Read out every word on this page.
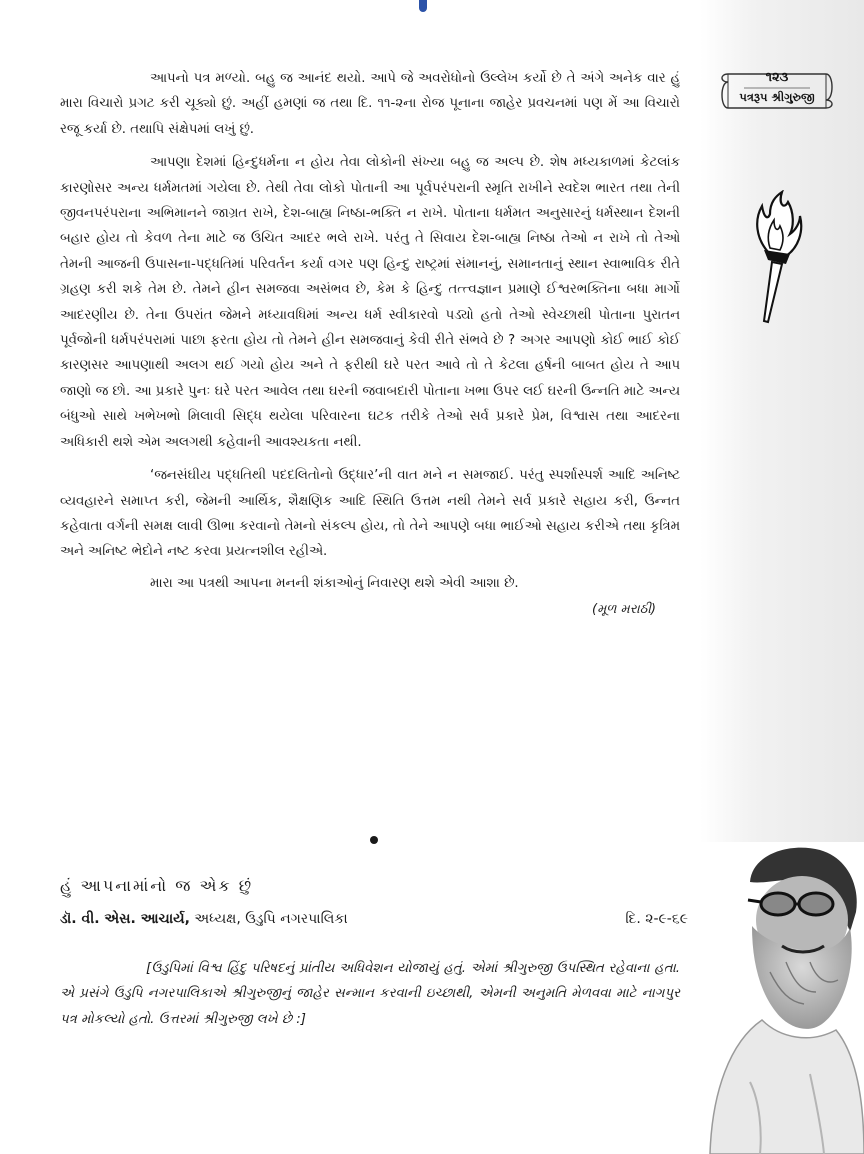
૧૨૩
પત્રરૂપ શ્રીગુરુજી

આપનો પત્ર મળ્યો. બહુ જ આનંદ થયો. આપે જે અવરોધોનો ઉલ્લેખ કર્યો છે તે અંગે અનેક વાર હું મારા વિચારો પ્રગટ કરી ચૂક્યો છું. અહીં હમણાં જ તથા દિ. ૧૧-૨ના રોજ પૂનાના જાહેર પ્રવચનમાં પણ મેં આ વિચારો રજૂ કર્યા છે. તથાપિ સંક્ષેપમાં લખું છું.

આપણા દેશમાં હિન્દુધર્મના ન હોય તેવા લોકોની સંખ્યા બહુ જ અલ્પ છે. શેષ મધ્યકાળમાં કેટલાંક કારણોસર અન્ય ધર્મમતમાં ગયેલા છે. તેથી તેવા લોકો પોતાની આ પૂર્વપરંપરાની સ્મૃતિ રાખીને સ્વદેશ ભારત તથા તેની જીવનપરંપરાના અભિમાનને જાગ્રત રાખે, દેશ-બાહ્ય નિષ્ઠા-ભક્તિ ન રાખે. પોતાના ધર્મમત અનુસારનું ધર્મસ્થાન દેશની બહાર હોય તો કેવળ તેના માટે જ ઉચિત આદર ભલે રાખે. પરંતુ તે સિવાય દેશ-બાહ્ય નિષ્ઠા તેઓ ન રાખે તો તેઓ તેમની આજની ઉપાસના-પદ્ધતિમાં પરિવર્તન કર્યા વગર પણ હિન્દુ રાષ્ટ્રમાં સંમાનનું, સમાનતાનું સ્થાન સ્વાભાવિક રીતે ગ્રહણ કરી શકે તેમ છે. તેમને હીન સમજવા અસંભવ છે, કેમ કે હિન્દુ તત્ત્વજ્ઞાન પ્રમાણે ઈશ્વરભક્તિના બધા માર્ગો આદરણીય છે. તેના ઉપરાંત જેમને મધ્યાવધિમાં અન્ય ધર્મ સ્વીકારવો પડ્યો હતો તેઓ સ્વેચ્છાથી પોતાના પુરાતન પૂર્વજોની ધર્મપરંપરામાં પાછા ફરતા હોય તો તેમને હીન સમજવાનું કેવી રીતે સંભવે છે ? અગર આપણો કોઈ ભાઈ કોઈ કારણસર આપણાથી અલગ થઈ ગયો હોય અને તે ફરીથી ઘરે પરત આવે તો તે કેટલા હર્ષની બાબત હોય તે આપ જાણો જ છો. આ પ્રકારે પુનઃ ઘરે પરત આવેલ તથા ઘરની જવાબદારી પોતાના ખભા ઉપર લઈ ઘરની ઉન્નતિ માટે અન્ય બંધુઓ સાથે ખભેખભો મિલાવી સિદ્ધ થયેલા પરિવારના ઘટક તરીકે તેઓ સર્વ પ્રકારે પ્રેમ, વિશ્વાસ તથા આદરના અધિકારી થશે એમ અલગથી કહેવાની આવશ્યકતા નથી.

‘જનસંઘીય પદ્ધતિથી પદદલિતોનો ઉદ્ધાર’ની વાત મને ન સમજાઈ. પરંતુ સ્પર્શાસ્પર્શ આદિ અનિષ્ટ વ્યવહારને સમાપ્ત કરી, જેમની આર્થિક, શૈક્ષણિક આદિ સ્થિતિ ઉત્તમ નથી તેમને સર્વ પ્રકારે સહાય કરી, ઉન્નત કહેવાતા વર્ગની સમક્ષ લાવી ઊભા કરવાનો તેમનો સંકલ્પ હોય, તો તેને આપણે બધા ભાઈઓ સહાય કરીએ તથા કૃત્રિમ અને અનિષ્ટ ભેદોને નષ્ટ કરવા પ્રયત્નશીલ રહીએ.

મારા આ પત્રથી આપના મનની શંકાઓનું નિવારણ થશે એવી આશા છે.

(મૂળ મરાઠી)
હું આપનામાંનો જ એક છું
ડૉ. વી. એસ. આચાર્ય, અધ્યક્ષ, ઉડુપિ નગરપાલિકા	દિ. ૨-૯-૬૯

[ઉડુપિમાં વિશ્વ હિંદુ પરિષદનું પ્રાંતીય અધિવેશન યોજાયું હતું. એમાં શ્રીગુરુજી ઉપસ્થિત રહેવાના હતા. એ પ્રસંગે ઉડુપિ નગરપાલિકાએ શ્રીગુરુજીનું જાહેર સન્માન કરવાની ઇચ્છાથી, એમની અનુમતિ મેળવવા માટે નાગપુર પત્ર મોકલ્યો હતો. ઉત્તરમાં શ્રીગુરુજી લખે છે :]
